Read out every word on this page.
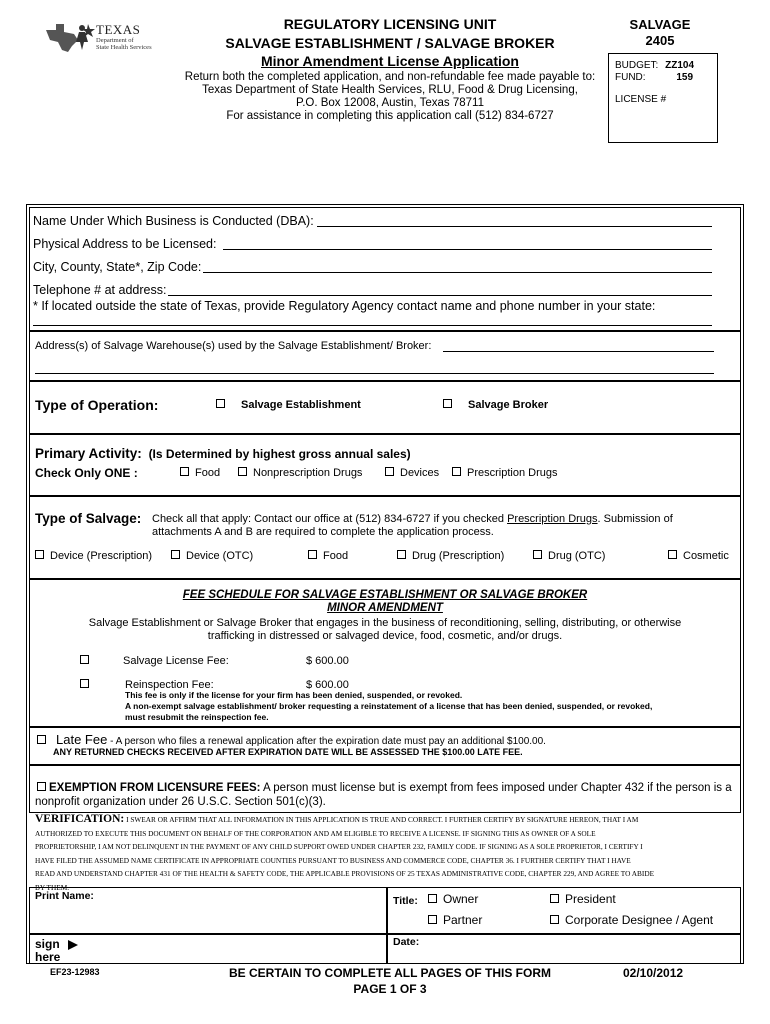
TEXAS
Department of
State Health Services
REGULATORY LICENSING UNIT
SALVAGE ESTABLISHMENT / SALVAGE BROKER
Minor Amendment License Application
Return both the completed application, and non-refundable fee made payable to:
Texas Department of State Health Services, RLU, Food & Drug Licensing,
P.O. Box 12008, Austin, Texas 78711
For assistance in completing this application call (512) 834-6727
SALVAGE
2405
BUDGET: ZZ104
FUND:	159
LICENSE #
Name Under Which Business is Conducted (DBA):
Physical Address to be Licensed:
City, County, State*, Zip Code:
Telephone # at address:
* If located outside the state of Texas, provide Regulatory Agency contact name and phone number in your state:
Address(s) of Salvage Warehouse(s) used by the Salvage Establishment/ Broker:
Type of Operation:	Salvage Establishment	Salvage Broker
Primary Activity: (Is Determined by highest gross annual sales)
Check Only ONE :	Food	Nonprescription Drugs	Devices	Prescription Drugs
Type of Salvage: Check all that apply: Contact our office at (512) 834-6727 if you checked Prescription Drugs. Submission of
attachments A and B are required to complete the application process.
Device (Prescription)	Device (OTC)	Food	Drug (Prescription)	Drug (OTC)	Cosmetic
FEE SCHEDULE FOR SALVAGE ESTABLISHMENT OR SALVAGE BROKER
MINOR AMENDMENT
Salvage Establishment or Salvage Broker that engages in the business of reconditioning, selling, distributing, or otherwise
trafficking in distressed or salvaged device, food, cosmetic, and/or drugs.
Salvage License Fee:	$ 600.00
Reinspection Fee:	$ 600.00
This fee is only if the license for your firm has been denied, suspended, or revoked.
A non-exempt salvage establishment/ broker requesting a reinstatement of a license that has been denied, suspended, or revoked,
must resubmit the reinspection fee.
Late Fee - A person who files a renewal application after the expiration date must pay an additional $100.00.
ANY RETURNED CHECKS RECEIVED AFTER EXPIRATION DATE WILL BE ASSESSED THE $100.00 LATE FEE.
EXEMPTION FROM LICENSURE FEES: A person must license but is exempt from fees imposed under Chapter 432 if the person is a
nonprofit organization under 26 U.S.C. Section 501(c)(3).
VERIFICATION: I SWEAR OR AFFIRM THAT ALL INFORMATION IN THIS APPLICATION IS TRUE AND CORRECT. I FURTHER CERTIFY BY SIGNATURE HEREON, THAT I AM
AUTHORIZED TO EXECUTE THIS DOCUMENT ON BEHALF OF THE CORPORATION AND AM ELIGIBLE TO RECEIVE A LICENSE. IF SIGNING THIS AS OWNER OF A SOLE
PROPRIETORSHIP, I AM NOT DELINQUENT IN THE PAYMENT OF ANY CHILD SUPPORT OWED UNDER CHAPTER 232, FAMILY CODE. IF SIGNING AS A SOLE PROPRIETOR, I CERTIFY I
HAVE FILED THE ASSUMED NAME CERTIFICATE IN APPROPRIATE COUNTIES PURSUANT TO BUSINESS AND COMMERCE CODE, CHAPTER 36. I FURTHER CERTIFY THAT I HAVE
READ AND UNDERSTAND CHAPTER 431 OF THE HEALTH & SAFETY CODE, THE APPLICABLE PROVISIONS OF 25 TEXAS ADMINISTRATIVE CODE, CHAPTER 229, AND AGREE TO ABIDE
BY THEM.
Print Name:	Title:	Owner	President
Partner	Corporate Designee / Agent
sign
here
Date:
EF23-12983	BE CERTAIN TO COMPLETE ALL PAGES OF THIS FORM
PAGE 1 OF 3
02/10/2012
